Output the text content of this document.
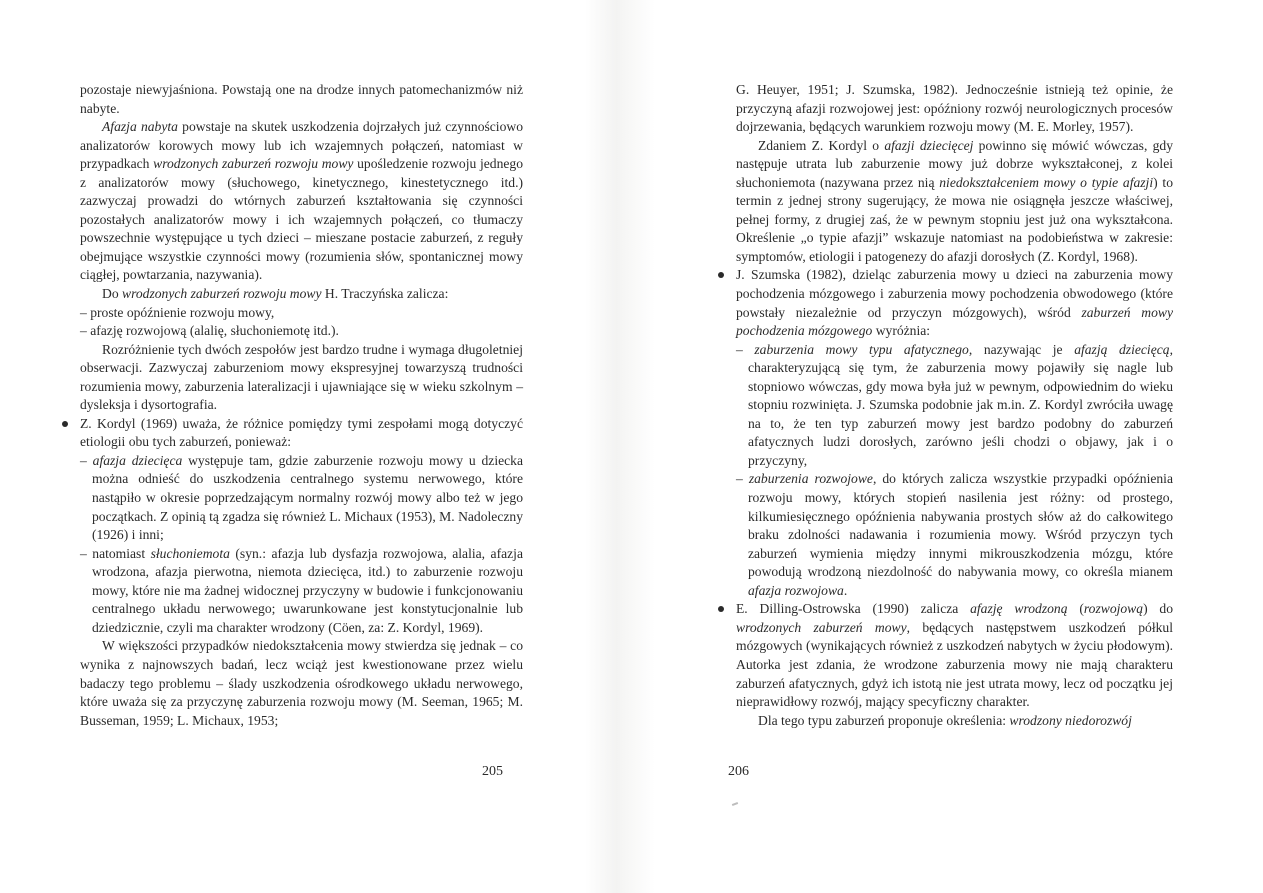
pozostaje niewyjaśniona. Powstają one na drodze innych patomechanizmów niż nabyte.

Afazja nabyta powstaje na skutek uszkodzenia dojrzałych już czynnościowo analizatorów korowych mowy lub ich wzajemnych połączeń, natomiast w przypadkach wrodzonych zaburzeń rozwoju mowy upośledzenie rozwoju jednego z analizatorów mowy (słuchowego, kinetycznego, kinestetycznego itd.) zazwyczaj prowadzi do wtórnych zaburzeń kształtowania się czynności pozostałych analizatorów mowy i ich wzajemnych połączeń, co tłumaczy powszechnie występujące u tych dzieci – mieszane postacie zaburzeń, z reguły obejmujące wszystkie czynności mowy (rozumienia słów, spontanicznej mowy ciągłej, powtarzania, nazywania).

Do wrodzonych zaburzeń rozwoju mowy H. Traczyńska zalicza:

– proste opóźnienie rozwoju mowy,

– afazję rozwojową (alalię, słuchoniemotę itd.).

Rozróżnienie tych dwóch zespołów jest bardzo trudne i wymaga długoletniej obserwacji. Zazwyczaj zaburzeniom mowy ekspresyjnej towarzyszą trudności rozumienia mowy, zaburzenia lateralizacji i ujawniające się w wieku szkolnym – dysleksja i dysortografia.

Z. Kordyl (1969) uważa, że różnice pomiędzy tymi zespołami mogą dotyczyć etiologii obu tych zaburzeń, ponieważ:

– afazja dziecięca występuje tam, gdzie zaburzenie rozwoju mowy u dziecka można odnieść do uszkodzenia centralnego systemu nerwowego, które nastąpiło w okresie poprzedzającym normalny rozwój mowy albo też w jego początkach. Z opinią tą zgadza się również L. Michaux (1953), M. Nadoleczny (1926) i inni;

– natomiast słuchoniemota (syn.: afazja lub dysfazja rozwojowa, alalia, afazja wrodzona, afazja pierwotna, niemota dziecięca, itd.) to zaburzenie rozwoju mowy, które nie ma żadnej widocznej przyczyny w budowie i funkcjonowaniu centralnego układu nerwowego; uwarunkowane jest konstytucjonalnie lub dziedzicznie, czyli ma charakter wrodzony (Cöen, za: Z. Kordyl, 1969).

W większości przypadków niedokształcenia mowy stwierdza się jednak – co wynika z najnowszych badań, lecz wciąż jest kwestionowane przez wielu badaczy tego problemu – ślady uszkodzenia ośrodkowego układu nerwowego, które uważa się za przyczynę zaburzenia rozwoju mowy (M. Seeman, 1965; M. Busseman, 1959; L. Michaux, 1953;

205

G. Heuyer, 1951; J. Szumska, 1982). Jednocześnie istnieją też opinie, że przyczyną afazji rozwojowej jest: opóźniony rozwój neurologicznych procesów dojrzewania, będących warunkiem rozwoju mowy (M. E. Morley, 1957).

Zdaniem Z. Kordyl o afazji dziecięcej powinno się mówić wówczas, gdy następuje utrata lub zaburzenie mowy już dobrze wykształconej, z kolei słuchoniemota (nazywana przez nią niedokształceniem mowy o typie afazji) to termin z jednej strony sugerujący, że mowa nie osiągnęła jeszcze właściwej, pełnej formy, z drugiej zaś, że w pewnym stopniu jest już ona wykształcona. Określenie „o typie afazji” wskazuje natomiast na podobieństwa w zakresie: symptomów, etiologii i patogenezy do afazji dorosłych (Z. Kordyl, 1968).

J. Szumska (1982), dzieląc zaburzenia mowy u dzieci na zaburzenia mowy pochodzenia mózgowego i zaburzenia mowy pochodzenia obwodowego (które powstały niezależnie od przyczyn mózgowych), wśród zaburzeń mowy pochodzenia mózgowego wyróżnia:

– zaburzenia mowy typu afatycznego, nazywając je afazją dziecięcą, charakteryzującą się tym, że zaburzenia mowy pojawiły się nagle lub stopniowo wówczas, gdy mowa była już w pewnym, odpowiednim do wieku stopniu rozwinięta. J. Szumska podobnie jak m.in. Z. Kordyl zwróciła uwagę na to, że ten typ zaburzeń mowy jest bardzo podobny do zaburzeń afatycznych ludzi dorosłych, zarówno jeśli chodzi o objawy, jak i o przyczyny,

– zaburzenia rozwojowe, do których zalicza wszystkie przypadki opóźnienia rozwoju mowy, których stopień nasilenia jest różny: od prostego, kilkumiesięcznego opóźnienia nabywania prostych słów aż do całkowitego braku zdolności nadawania i rozumienia mowy. Wśród przyczyn tych zaburzeń wymienia między innymi mikrouszkodzenia mózgu, które powodują wrodzoną niezdolność do nabywania mowy, co określa mianem afazja rozwojowa.

E. Dilling-Ostrowska (1990) zalicza afazję wrodzoną (rozwojową) do wrodzonych zaburzeń mowy, będących następstwem uszkodzeń półkul mózgowych (wynikających również z uszkodzeń nabytych w życiu płodowym). Autorka jest zdania, że wrodzone zaburzenia mowy nie mają charakteru zaburzeń afatycznych, gdyż ich istotą nie jest utrata mowy, lecz od początku jej nieprawidłowy rozwój, mający specyficzny charakter.

Dla tego typu zaburzeń proponuje określenia: wrodzony niedorozwój

206
